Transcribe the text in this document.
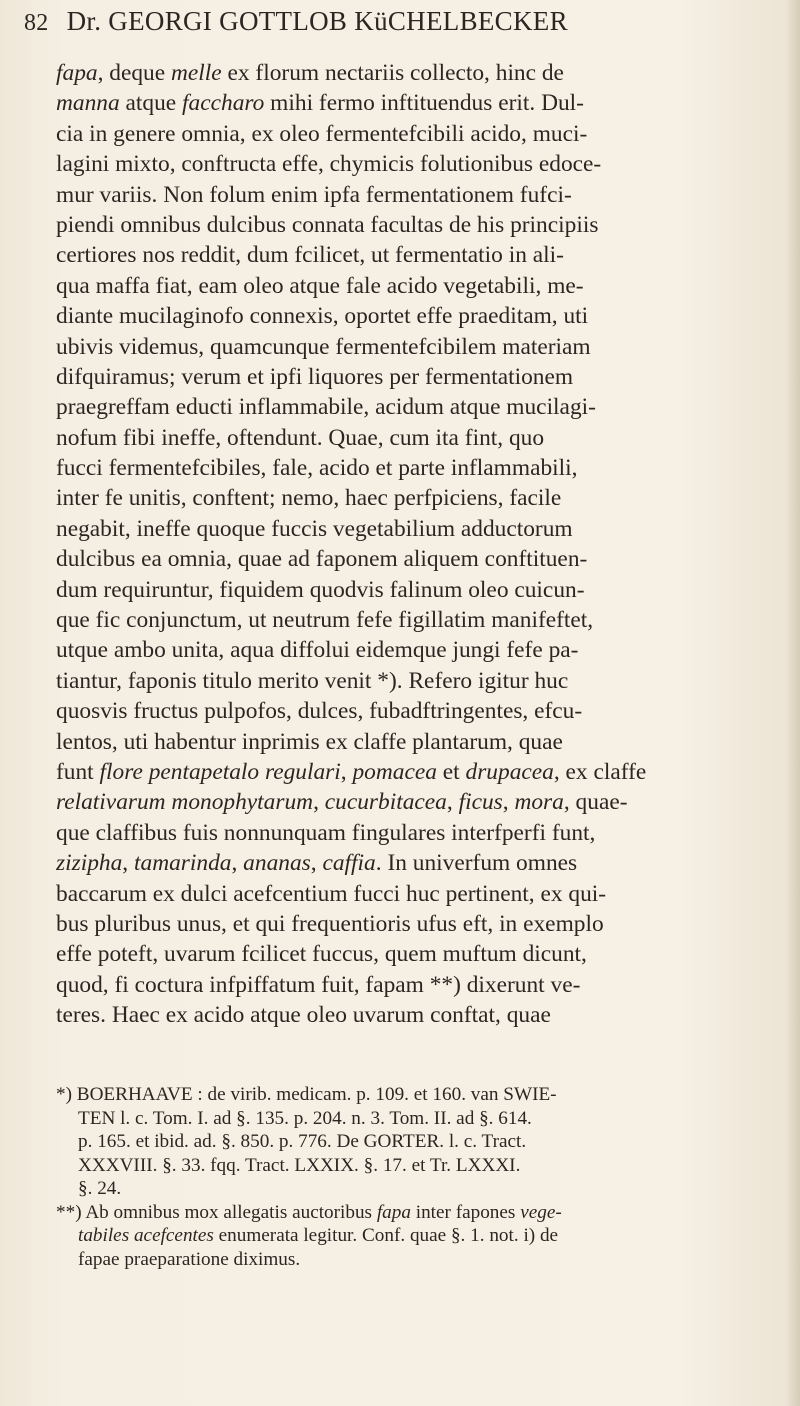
82 Dr. GEORGI GOTTLOB KüCHELBECKER
fapa, deque melle ex florum nectariis collecto, hinc de
manna atque faccharo mihi fermo inftituendus erit. Dul-
cia in genere omnia, ex oleo fermentefcibili acido, muci-
lagini mixto, conftructa effe, chymicis folutionibus edoce-
mur variis. Non folum enim ipfa fermentationem fufci-
piendi omnibus dulcibus connata facultas de his principiis
certiores nos reddit, dum fcilicet, ut fermentatio in ali-
qua maffa fiat, eam oleo atque fale acido vegetabili, me-
diante mucilaginofo connexis, oportet effe praeditam, uti
ubivis videmus, quamcunque fermentefcibilem materiam
difquiramus; verum et ipfi liquores per fermentationem
praegreffam educti inflammabile, acidum atque mucilagi-
nofum fibi ineffe, oftendunt. Quae, cum ita fint, quo
fucci fermentefcibiles, fale, acido et parte inflammabili,
inter fe unitis, conftent; nemo, haec perfpiciens, facile
negabit, ineffe quoque fuccis vegetabilium adductorum
dulcibus ea omnia, quae ad faponem aliquem conftituen-
dum requiruntur, fiquidem quodvis falinum oleo cuicun-
que fic conjunctum, ut neutrum fefe figillatim manifeftet,
utque ambo unita, aqua diffolui eidemque jungi fefe pa-
tiantur, faponis titulo merito venit *). Refero igitur huc
quosvis fructus pulpofos, dulces, fubadftringentes, efcu-
lentos, uti habentur inprimis ex claffe plantarum, quae
funt flore pentapetalo regulari, pomacea et drupacea, ex claffe
relativarum monophytarum, cucurbitacea, ficus, mora, quae-
que claffibus fuis nonnunquam fingulares interfperfi funt,
zizipha, tamarinda, ananas, caffia. In univerfum omnes
baccarum ex dulci acefcentium fucci huc pertinent, ex qui-
bus pluribus unus, et qui frequentioris ufus eft, in exemplo
effe poteft, uvarum fcilicet fuccus, quem muftum dicunt,
quod, fi coctura infpiffatum fuit, fapam **) dixerunt ve-
teres. Haec ex acido atque oleo uvarum conftat, quae
*) BOERHAAVE : de virib. medicam. p. 109. et 160. van SWIE-
TEN l. c. Tom. I. ad §. 135. p. 204. n. 3. Tom. II. ad §. 614.
p. 165. et ibid. ad. §. 850. p. 776. De GORTER. l. c. Tract.
XXXVIII. §. 33. fqq. Tract. LXXIX. §. 17. et Tr. LXXXI.
§. 24.
**) Ab omnibus mox allegatis auctoribus fapa inter fapones vege-
tabiles acefcentes enumerata legitur. Conf. quae §. 1. not. i) de
fapae praeparatione diximus.
